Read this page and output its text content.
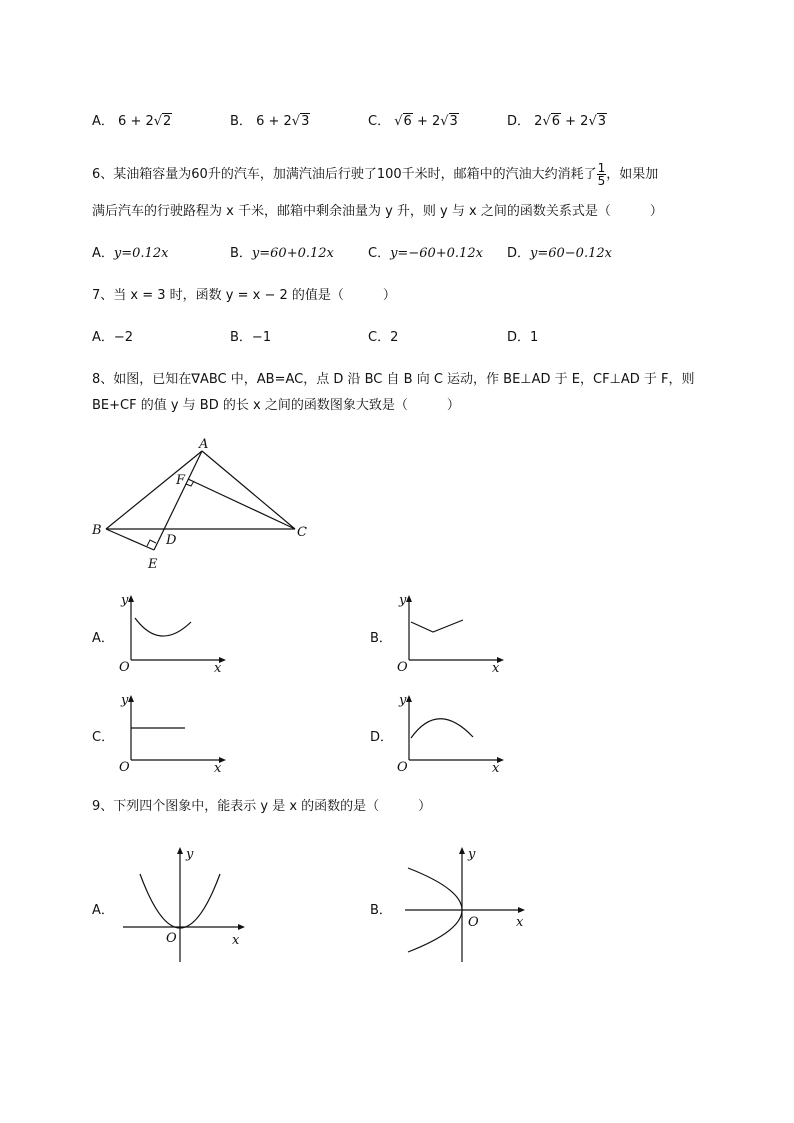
A． 6 + 2√2	B． 6 + 2√3	C． √6 + 2√3	D． 2√6 + 2√3
6、某油箱容量为60升的汽车，加满汽油后行驶了100千米时，邮箱中的汽油大约消耗了 $\frac{1}{5}$ ，如果加
满后汽车的行驶路程为 x 千米，邮箱中剩余油量为 y 升，则 y 与 x 之间的函数关系式是（　　　）
A．y=0.12x	B．y=60+0.12x	C．y=−60+0.12x D．y=60−0.12x
7、当 x = 3 时，函数 y = x − 2 的值是（　　　）
A．−2	B．−1	C．2	D．1
8、如图，已知在∇ABC 中，AB=AC，点 D 沿 BC 自 B 向 C 运动，作 BE⊥AD 于 E，CF⊥AD 于 F，则
BE+CF 的值 y 与 BD 的长 x 之间的函数图象大致是（　　　）
A
F
B
D
C
E
A．
y
O	x
B．
y
O	x
C．
y
O	x
D．
y
O	x
9、下列四个图象中，能表示 y 是 x 的函数的是（　　　）
A．
y
O	x
B．
y
O	x
